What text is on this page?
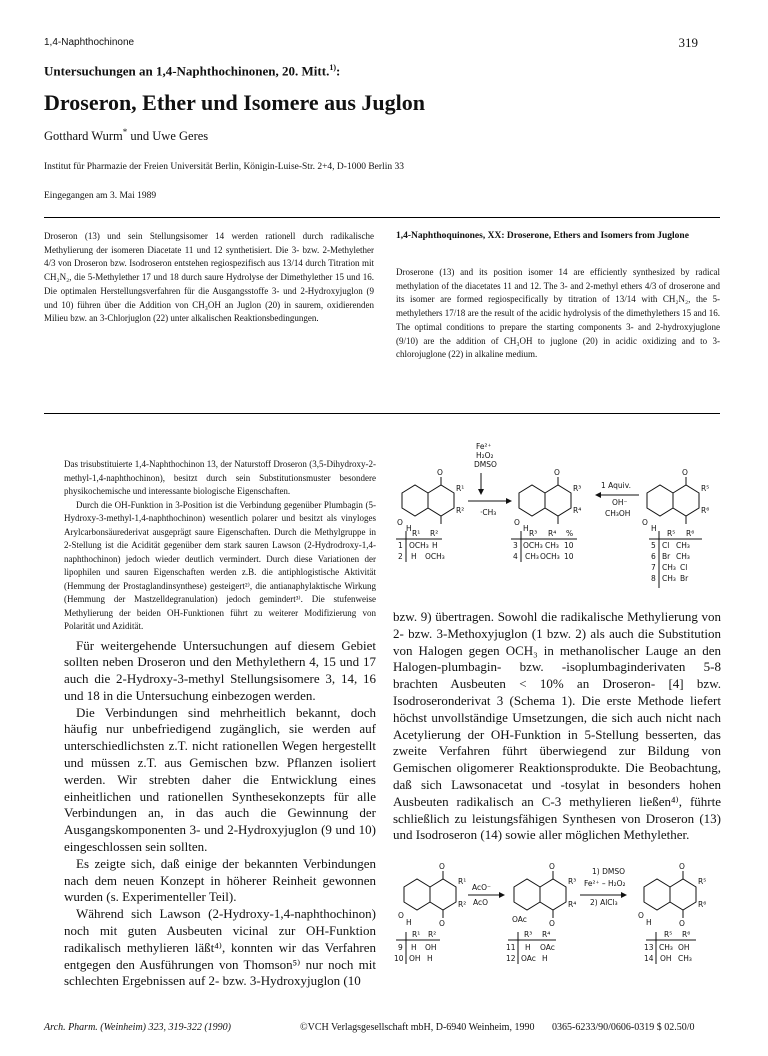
1,4-Naphthochinone	319
Untersuchungen an 1,4-Naphthochinonen, 20. Mitt.$^{1)}$:
Droseron, Ether und Isomere aus Juglon
Gotthard Wurm* und Uwe Geres
Institut für Pharmazie der Freien Universität Berlin, Königin-Luise-Str. 2+4, D-1000 Berlin 33
Eingegangen am 3. Mai 1989
Droseron (13) und sein Stellungsisomer 14 werden rationell durch radikalische Methylierung der isomeren Diacetate 11 und 12 synthetisiert. Die 3- bzw. 2-Methylether 4/3 von Droseron bzw. Isodroseron entstehen regiospezifisch aus 13/14 durch Titration mit CH₂N₂, die 5-Methylether 17 und 18 durch saure Hydrolyse der Dimethylether 15 und 16. Die optimalen Herstellungsverfahren für die Ausgangsstoffe 3- und 2-Hydroxyjuglon (9 und 10) führen über die Addition von CH₃OH an Juglon (20) in saurem, oxidierenden Milieu bzw. an 3-Chlorjuglon (22) unter alkalischen Reaktionsbedingungen.
1,4-Naphthoquinones, XX: Droserone, Ethers and Isomers from Juglone
Droserone (13) and its position isomer 14 are efficiently synthesized by radical methylation of the diacetates 11 and 12. The 3- and 2-methyl ethers 4/3 of droserone and its isomer are formed regiospecifically by titration of 13/14 with CH₂N₂, the 5-methylethers 17/18 are the result of the acidic hydrolysis of the dimethylethers 15 and 16. The optimal conditions to prepare the starting components 3- and 2-hydroxyjuglone (9/10) are the addition of CH₃OH to juglone (20) in acidic oxidizing and to 3-chlorojuglone (22) in alkaline medium.

Das trisubstituierte 1,4-Naphthochinon 13, der Naturstoff Droseron (3,5-Dihydroxy-2-methyl-1,4-naphthochinon), besitzt durch sein Substitutionsmuster besondere physikochemische und interessante biologische Eigenschaften.

Durch die OH-Funktion in 3-Position ist die Verbindung gegenüber Plumbagin (5-Hydroxy-3-methyl-1,4-naphthochinon) wesentlich polarer und besitzt als vinyloges Arylcarbonsäurederivat ausgeprägt saure Eigenschaften. Durch die Methylgruppe in 2-Stellung ist die Acidität gegenüber dem stark sauren Lawson (2-Hydrodroxy-1,4-naphthochinon) jedoch wieder deutlich vermindert. Durch diese Variationen der lipophilen und sauren Eigenschaften werden z.B. die antiphlogistische Aktivität (Hemmung der Prostaglandinsynthese) gesteigert²⁾, die antianaphylaktische Wirkung (Hemmung der Mastzelldegranulation) jedoch gemindert³⁾. Die stufenweise Methylierung der beiden OH-Funktionen führt zu weiterer Modifizierung von Polarität und Azidität.

Für weitergehende Untersuchungen auf diesem Gebiet sollten neben Droseron und den Methylethern 4, 15 und 17 auch die 2-Hydroxy-3-methyl Stellungsisomere 3, 14, 16 und 18 in die Untersuchung einbezogen werden.

Die Verbindungen sind mehrheitlich bekannt, doch häufig nur unbefriedigend zugänglich, sie werden auf unterschiedlichsten z.T. nicht rationellen Wegen hergestellt und müssen z.T. aus Gemischen bzw. Pflanzen isoliert werden. Wir strebten daher die Entwicklung eines einheitlichen und rationellen Synthesekonzepts für alle Verbindungen an, in das auch die Gewinnung der Ausgangskomponenten 3- und 2-Hydroxyjuglon (9 und 10) eingeschlossen sein sollten.

Es zeigte sich, daß einige der bekannten Verbindungen nach dem neuen Konzept in höherer Reinheit gewonnen wurden (s. Experimenteller Teil).

Während sich Lawson (2-Hydroxy-1,4-naphthochinon) noch mit guten Ausbeuten vicinal zur OH-Funktion radikalisch methylieren läßt⁴⁾, konnten wir das Verfahren entgegen den Ausführungen von Thomson⁵⁾ nur noch mit schlechten Ergebnissen auf 2- bzw. 3-Hydroxyjuglon (10

Fe²⁺
H₂O₂
DMSO
·CH₃
1 Aquiv.
OH⁻
CH₃OH
R¹
R²
R³
R⁴
R⁵
R⁶
O
O
H
O
O
H
O
O
H
R¹ R²
1 OCH₃ H
2 H OCH₃
R³ R⁴ %
3 OCH₃ CH₃ 10
4 CH₃ OCH₃ 10
R⁵ R⁶
5 Cl CH₃
6 Br CH₃
7 CH₃ Cl
8 CH₃ Br
bzw. 9) übertragen. Sowohl die radikalische Methylierung von 2- bzw. 3-Methoxyjuglon (1 bzw. 2) als auch die Substitution von Halogen gegen OCH₃ in methanolischer Lauge an den Halogen-plumbagin- bzw. -isoplumbaginderivaten 5-8 brachten Ausbeuten < 10% an Droseron- [4] bzw. Isodroseronderivat 3 (Schema 1). Die erste Methode liefert höchst unvollständige Umsetzungen, die sich auch nicht nach Acetylierung der OH-Funktion in 5-Stellung besserten, das zweite Verfahren führt überwiegend zur Bildung von Gemischen oligomerer Reaktionsprodukte. Die Beobachtung, daß sich Lawsonacetat und -tosylat in besonders hohen Ausbeuten radikalisch an C-3 methylieren ließen⁴⁾, führte schließlich zu leistungsfähigen Synthesen von Droseron (13) und Isodroseron (14) sowie aller möglichen Methylether.
AcO⁻
AcO
1) DMSO
Fe²⁺ – H₂O₂
2) AlCl₃
R¹
R²
R³
R⁴
R⁵
R⁶
O
O
O
H
O
O
OAc
O
O
O
H
R¹ R²
9 H OH
10 OH H
R³ R⁴
11 H OAc
12 OAc H
R⁵ R⁶
13 CH₃ OH
14 OH CH₃
Arch. Pharm. (Weinheim) 323, 319-322 (1990)	©VCH Verlagsgesellschaft mbH, D-6940 Weinheim, 1990 0365-6233/90/0606-0319 $ 02.50/0
